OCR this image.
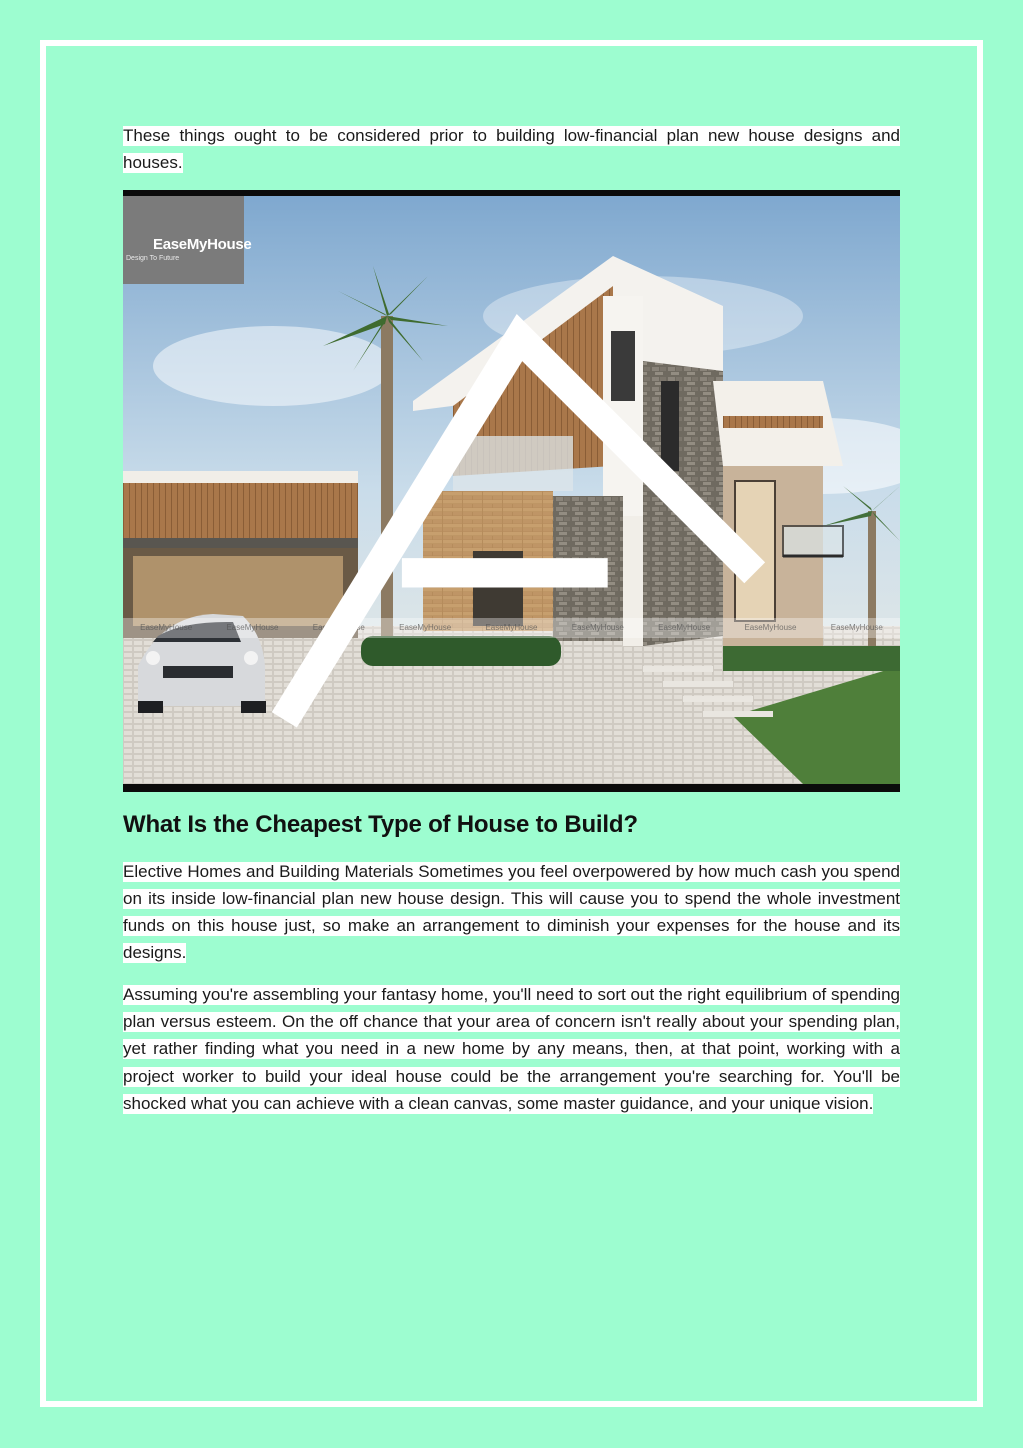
These things ought to be considered prior to building low-financial plan new house designs and houses.

EaseMyHouse	EaseMyHouse	EaseMyHouse	EaseMyHouse	EaseMyHouse	EaseMyHouse	EaseMyHouse	EaseMyHouse	EaseMyHouse
EaseMyHouse
Design To Future
What Is the Cheapest Type of House to Build?

Elective Homes and Building Materials Sometimes you feel overpowered by how much cash you spend on its inside low-financial plan new house design. This will cause you to spend the whole investment funds on this house just, so make an arrangement to diminish your expenses for the house and its designs.

Assuming you're assembling your fantasy home, you'll need to sort out the right equilibrium of spending plan versus esteem. On the off chance that your area of concern isn't really about your spending plan, yet rather finding what you need in a new home by any means, then, at that point, working with a project worker to build your ideal house could be the arrangement you're searching for. You'll be shocked what you can achieve with a clean canvas, some master guidance, and your unique vision.
